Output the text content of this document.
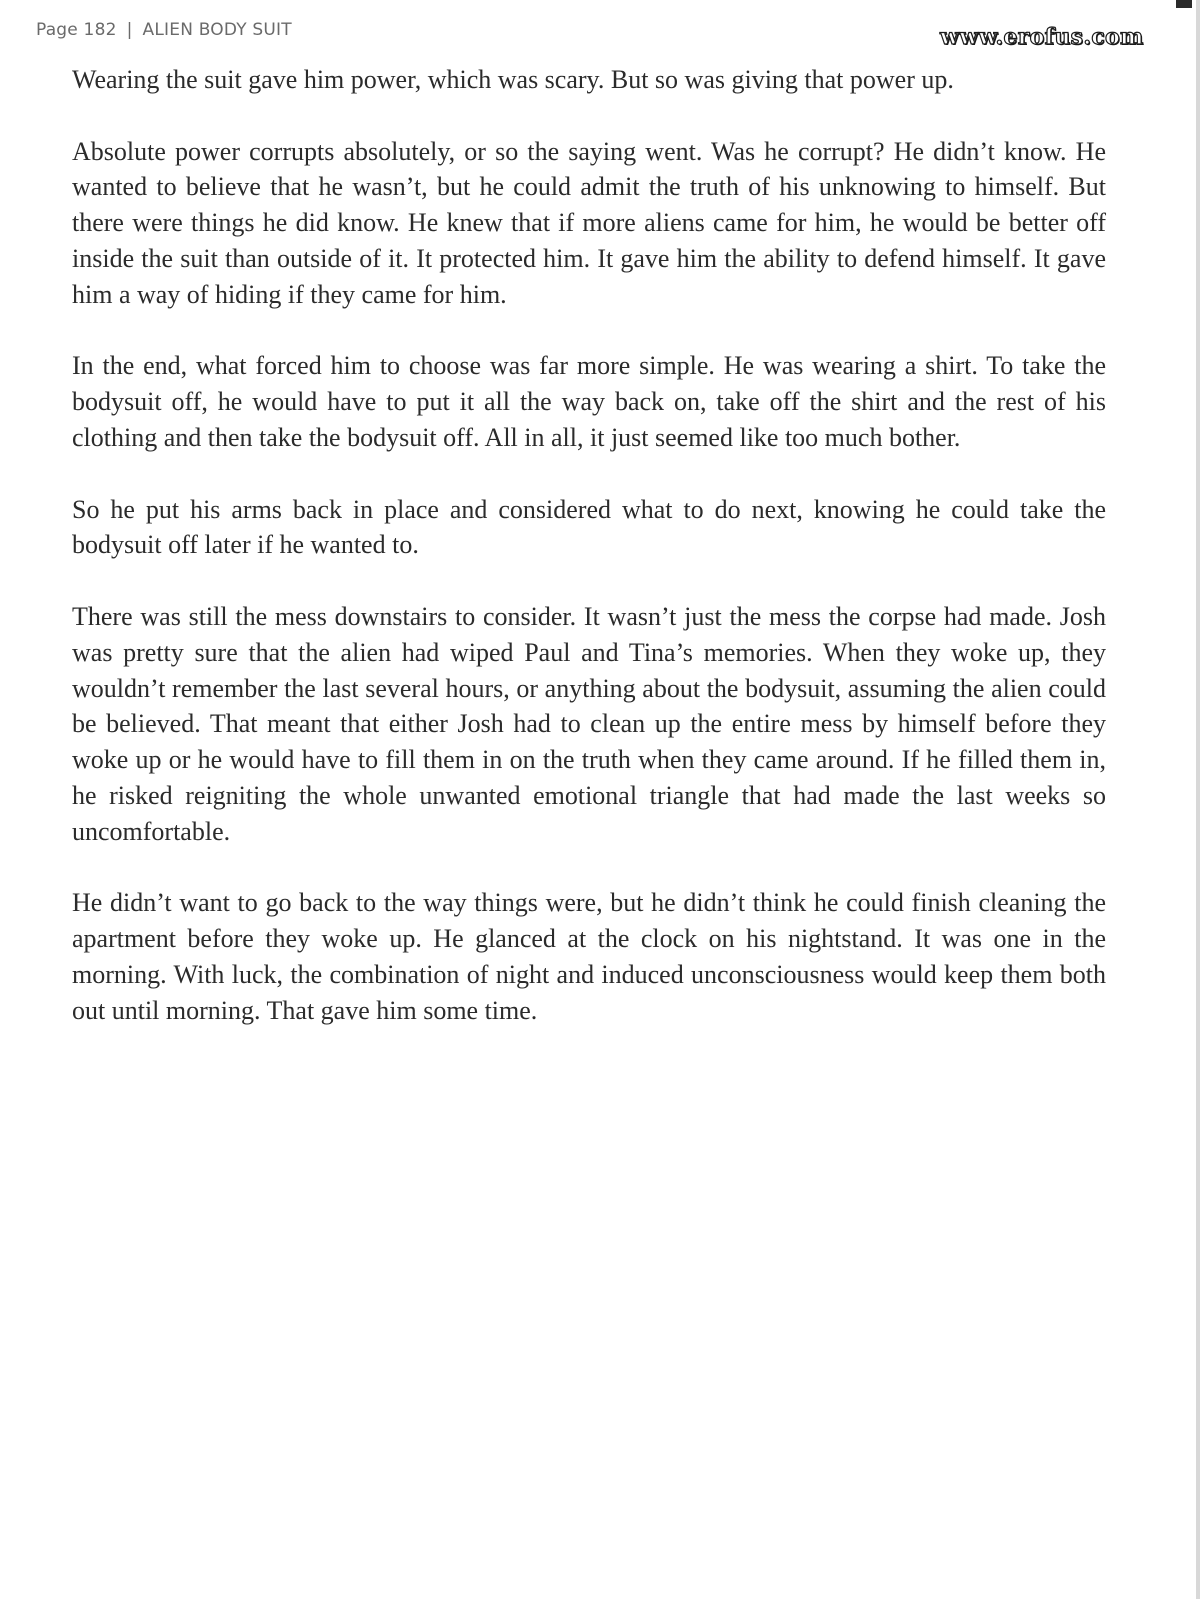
Page 182 | ALIEN BODY SUIT	www.erofus.com

Wearing the suit gave him power, which was scary. But so was giving that power up.

Absolute power corrupts absolutely, or so the saying went. Was he corrupt? He didn’t know. He wanted to believe that he wasn’t, but he could admit the truth of his unknowing to himself. But there were things he did know. He knew that if more aliens came for him, he would be better off inside the suit than outside of it. It protected him. It gave him the ability to defend himself. It gave him a way of hiding if they came for him.

In the end, what forced him to choose was far more simple. He was wearing a shirt. To take the bodysuit off, he would have to put it all the way back on, take off the shirt and the rest of his clothing and then take the bodysuit off. All in all, it just seemed like too much bother.

So he put his arms back in place and considered what to do next, knowing he could take the bodysuit off later if he wanted to.

There was still the mess downstairs to consider. It wasn’t just the mess the corpse had made. Josh was pretty sure that the alien had wiped Paul and Tina’s memories. When they woke up, they wouldn’t remember the last several hours, or anything about the bodysuit, assuming the alien could be believed. That meant that either Josh had to clean up the entire mess by himself before they woke up or he would have to fill them in on the truth when they came around. If he filled them in, he risked reigniting the whole unwanted emotional triangle that had made the last weeks so uncomfortable.

He didn’t want to go back to the way things were, but he didn’t think he could finish cleaning the apartment before they woke up. He glanced at the clock on his nightstand. It was one in the morning. With luck, the combination of night and induced unconsciousness would keep them both out until morning. That gave him some time.
